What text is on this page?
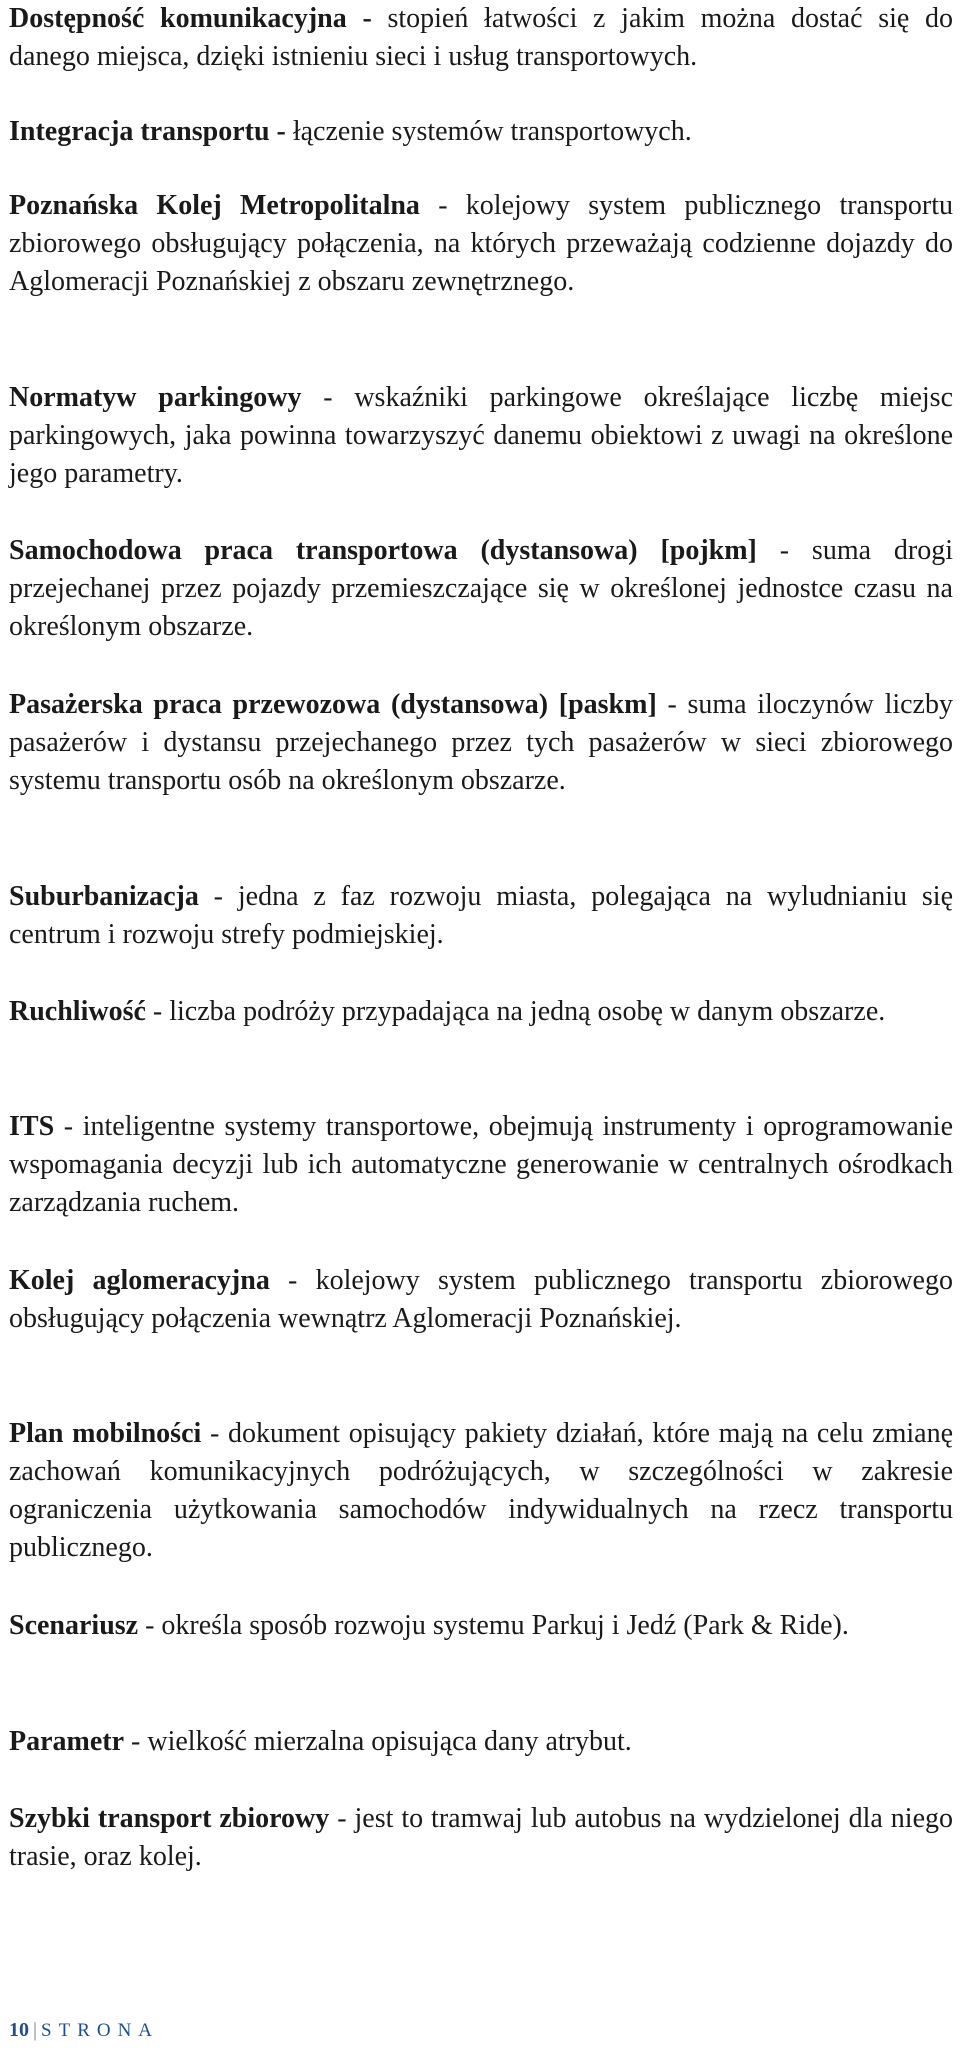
Dostępność komunikacyjna - stopień łatwości z jakim można dostać się do danego miejsca, dzięki istnieniu sieci i usług transportowych.

Integracja transportu - łączenie systemów transportowych.

Poznańska Kolej Metropolitalna - kolejowy system publicznego transportu zbiorowego obsługujący połączenia, na których przeważają codzienne dojazdy do Aglomeracji Poznańskiej z obszaru zewnętrznego.

Normatyw parkingowy - wskaźniki parkingowe określające liczbę miejsc parkingowych, jaka powinna towarzyszyć danemu obiektowi z uwagi na określone jego parametry.

Samochodowa praca transportowa (dystansowa) [pojkm] - suma drogi przejechanej przez pojazdy przemieszczające się w określonej jednostce czasu na określonym obszarze.

Pasażerska praca przewozowa (dystansowa) [paskm] - suma iloczynów liczby pasażerów i dystansu przejechanego przez tych pasażerów w sieci zbiorowego systemu transportu osób na określonym obszarze.

Suburbanizacja - jedna z faz rozwoju miasta, polegająca na wyludnianiu się centrum i rozwoju strefy podmiejskiej.

Ruchliwość - liczba podróży przypadająca na jedną osobę w danym obszarze.

ITS - inteligentne systemy transportowe, obejmują instrumenty i oprogramowanie wspomagania decyzji lub ich automatyczne generowanie w centralnych ośrodkach zarządzania ruchem.

Kolej aglomeracyjna - kolejowy system publicznego transportu zbiorowego obsługujący połączenia wewnątrz Aglomeracji Poznańskiej.

Plan mobilności - dokument opisujący pakiety działań, które mają na celu zmianę zachowań komunikacyjnych podróżujących, w szczególności w zakresie ograniczenia użytkowania samochodów indywidualnych na rzecz transportu publicznego.

Scenariusz - określa sposób rozwoju systemu Parkuj i Jedź (Park & Ride).

Parametr - wielkość mierzalna opisująca dany atrybut.

Szybki transport zbiorowy - jest to tramwaj lub autobus na wydzielonej dla niego trasie, oraz kolej.

10 | STRONA
